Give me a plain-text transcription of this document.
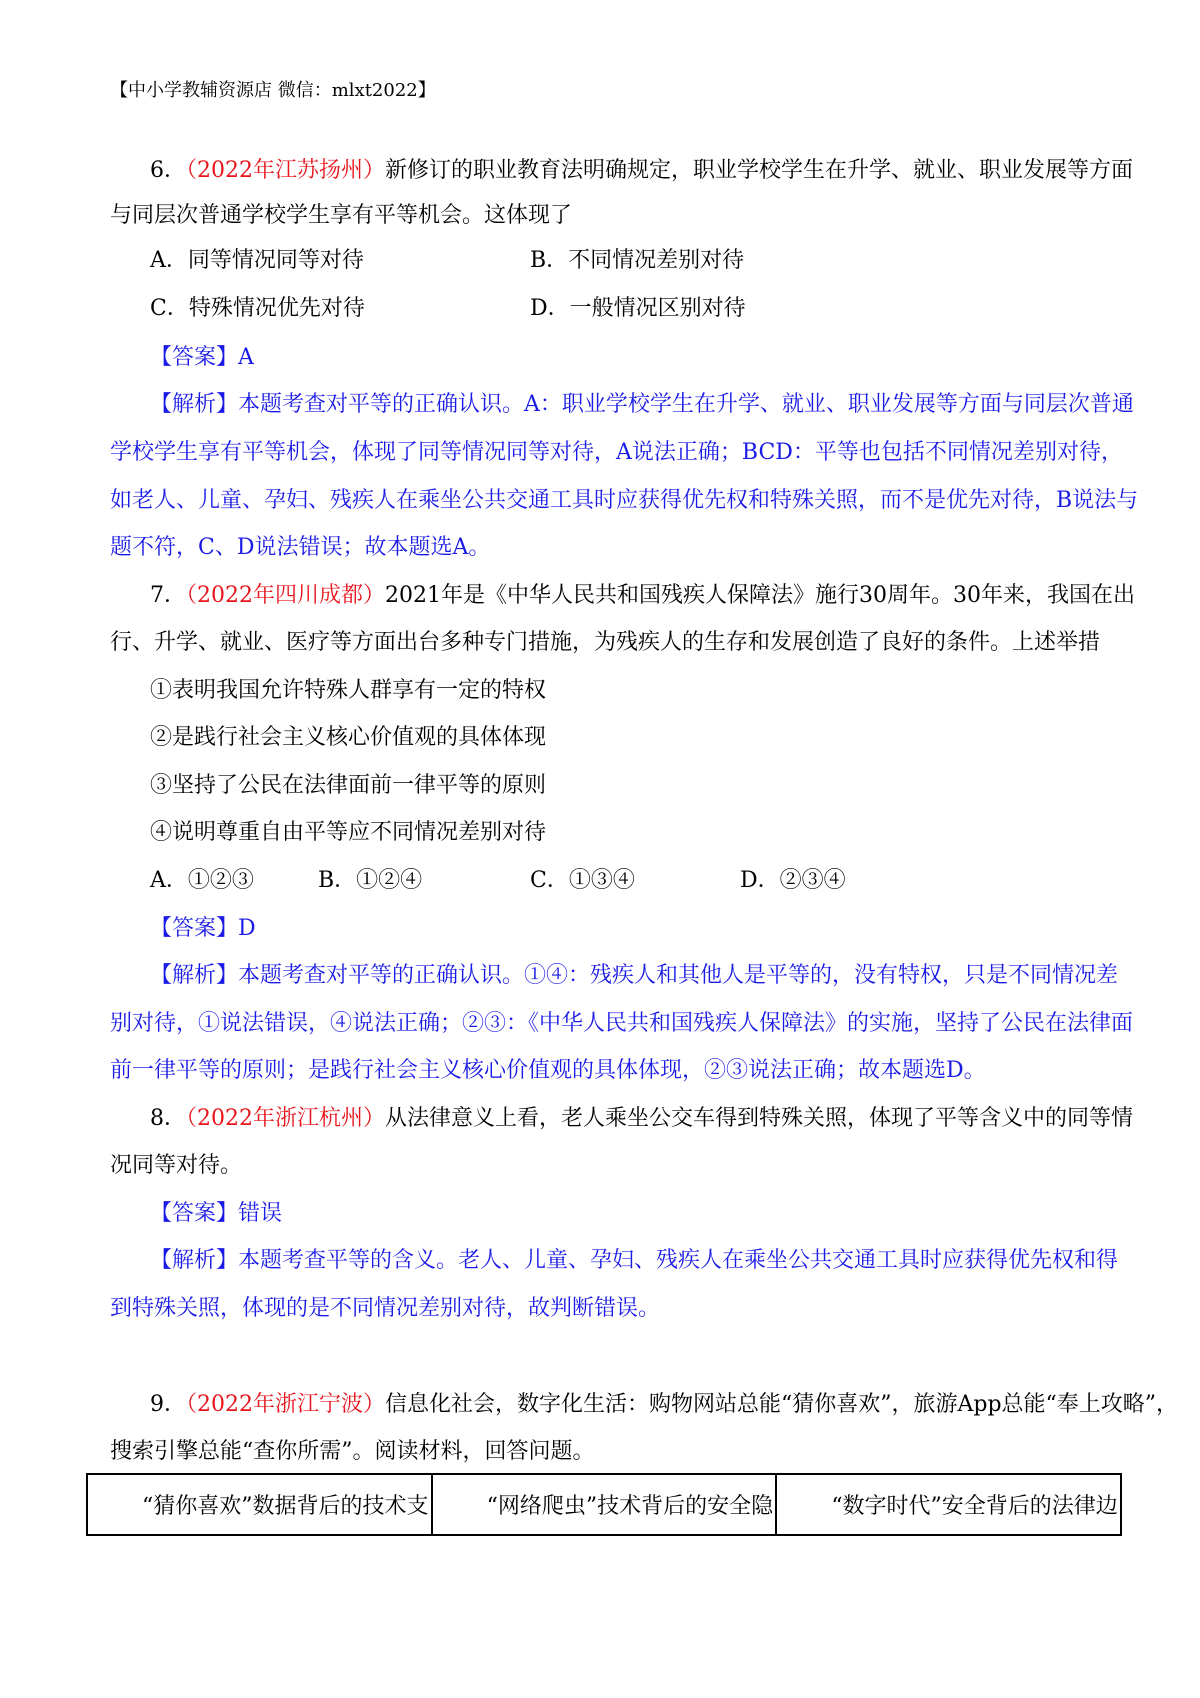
【中小学教辅资源店 微信：mlxt2022】
6．（2022年江苏扬州）新修订的职业教育法明确规定，职业学校学生在升学、就业、职业发展等方面
与同层次普通学校学生享有平等机会。这体现了
A．同等情况同等对待	B．不同情况差别对待
C．特殊情况优先对待	D．一般情况区别对待
【答案】A
【解析】本题考查对平等的正确认识。A：职业学校学生在升学、就业、职业发展等方面与同层次普通
学校学生享有平等机会，体现了同等情况同等对待，A说法正确；BCD：平等也包括不同情况差别对待，
如老人、儿童、孕妇、残疾人在乘坐公共交通工具时应获得优先权和特殊关照，而不是优先对待，B说法与
题不符，C、D说法错误；故本题选A。
7．（2022年四川成都）2021年是《中华人民共和国残疾人保障法》施行30周年。30年来，我国在出
行、升学、就业、医疗等方面出台多种专门措施，为残疾人的生存和发展创造了良好的条件。上述举措
①表明我国允许特殊人群享有一定的特权
②是践行社会主义核心价值观的具体体现
③坚持了公民在法律面前一律平等的原则
④说明尊重自由平等应不同情况差别对待
A．①②③	B．①②④	C．①③④	D．②③④
【答案】D
【解析】本题考查对平等的正确认识。①④：残疾人和其他人是平等的，没有特权，只是不同情况差
别对待，①说法错误，④说法正确；②③：《中华人民共和国残疾人保障法》的实施，坚持了公民在法律面
前一律平等的原则；是践行社会主义核心价值观的具体体现，②③说法正确；故本题选D。
8．（2022年浙江杭州）从法律意义上看，老人乘坐公交车得到特殊关照，体现了平等含义中的同等情
况同等对待。
【答案】错误
【解析】本题考查平等的含义。老人、儿童、孕妇、残疾人在乘坐公共交通工具时应获得优先权和得
到特殊关照，体现的是不同情况差别对待，故判断错误。
9．（2022年浙江宁波）信息化社会，数字化生活：购物网站总能“猜你喜欢”，旅游App总能“奉上攻略”，
搜索引擎总能“查你所需”。阅读材料，回答问题。
“猜你喜欢”数据背后的技术支	“网络爬虫”技术背后的安全隐	“数字时代”安全背后的法律边
